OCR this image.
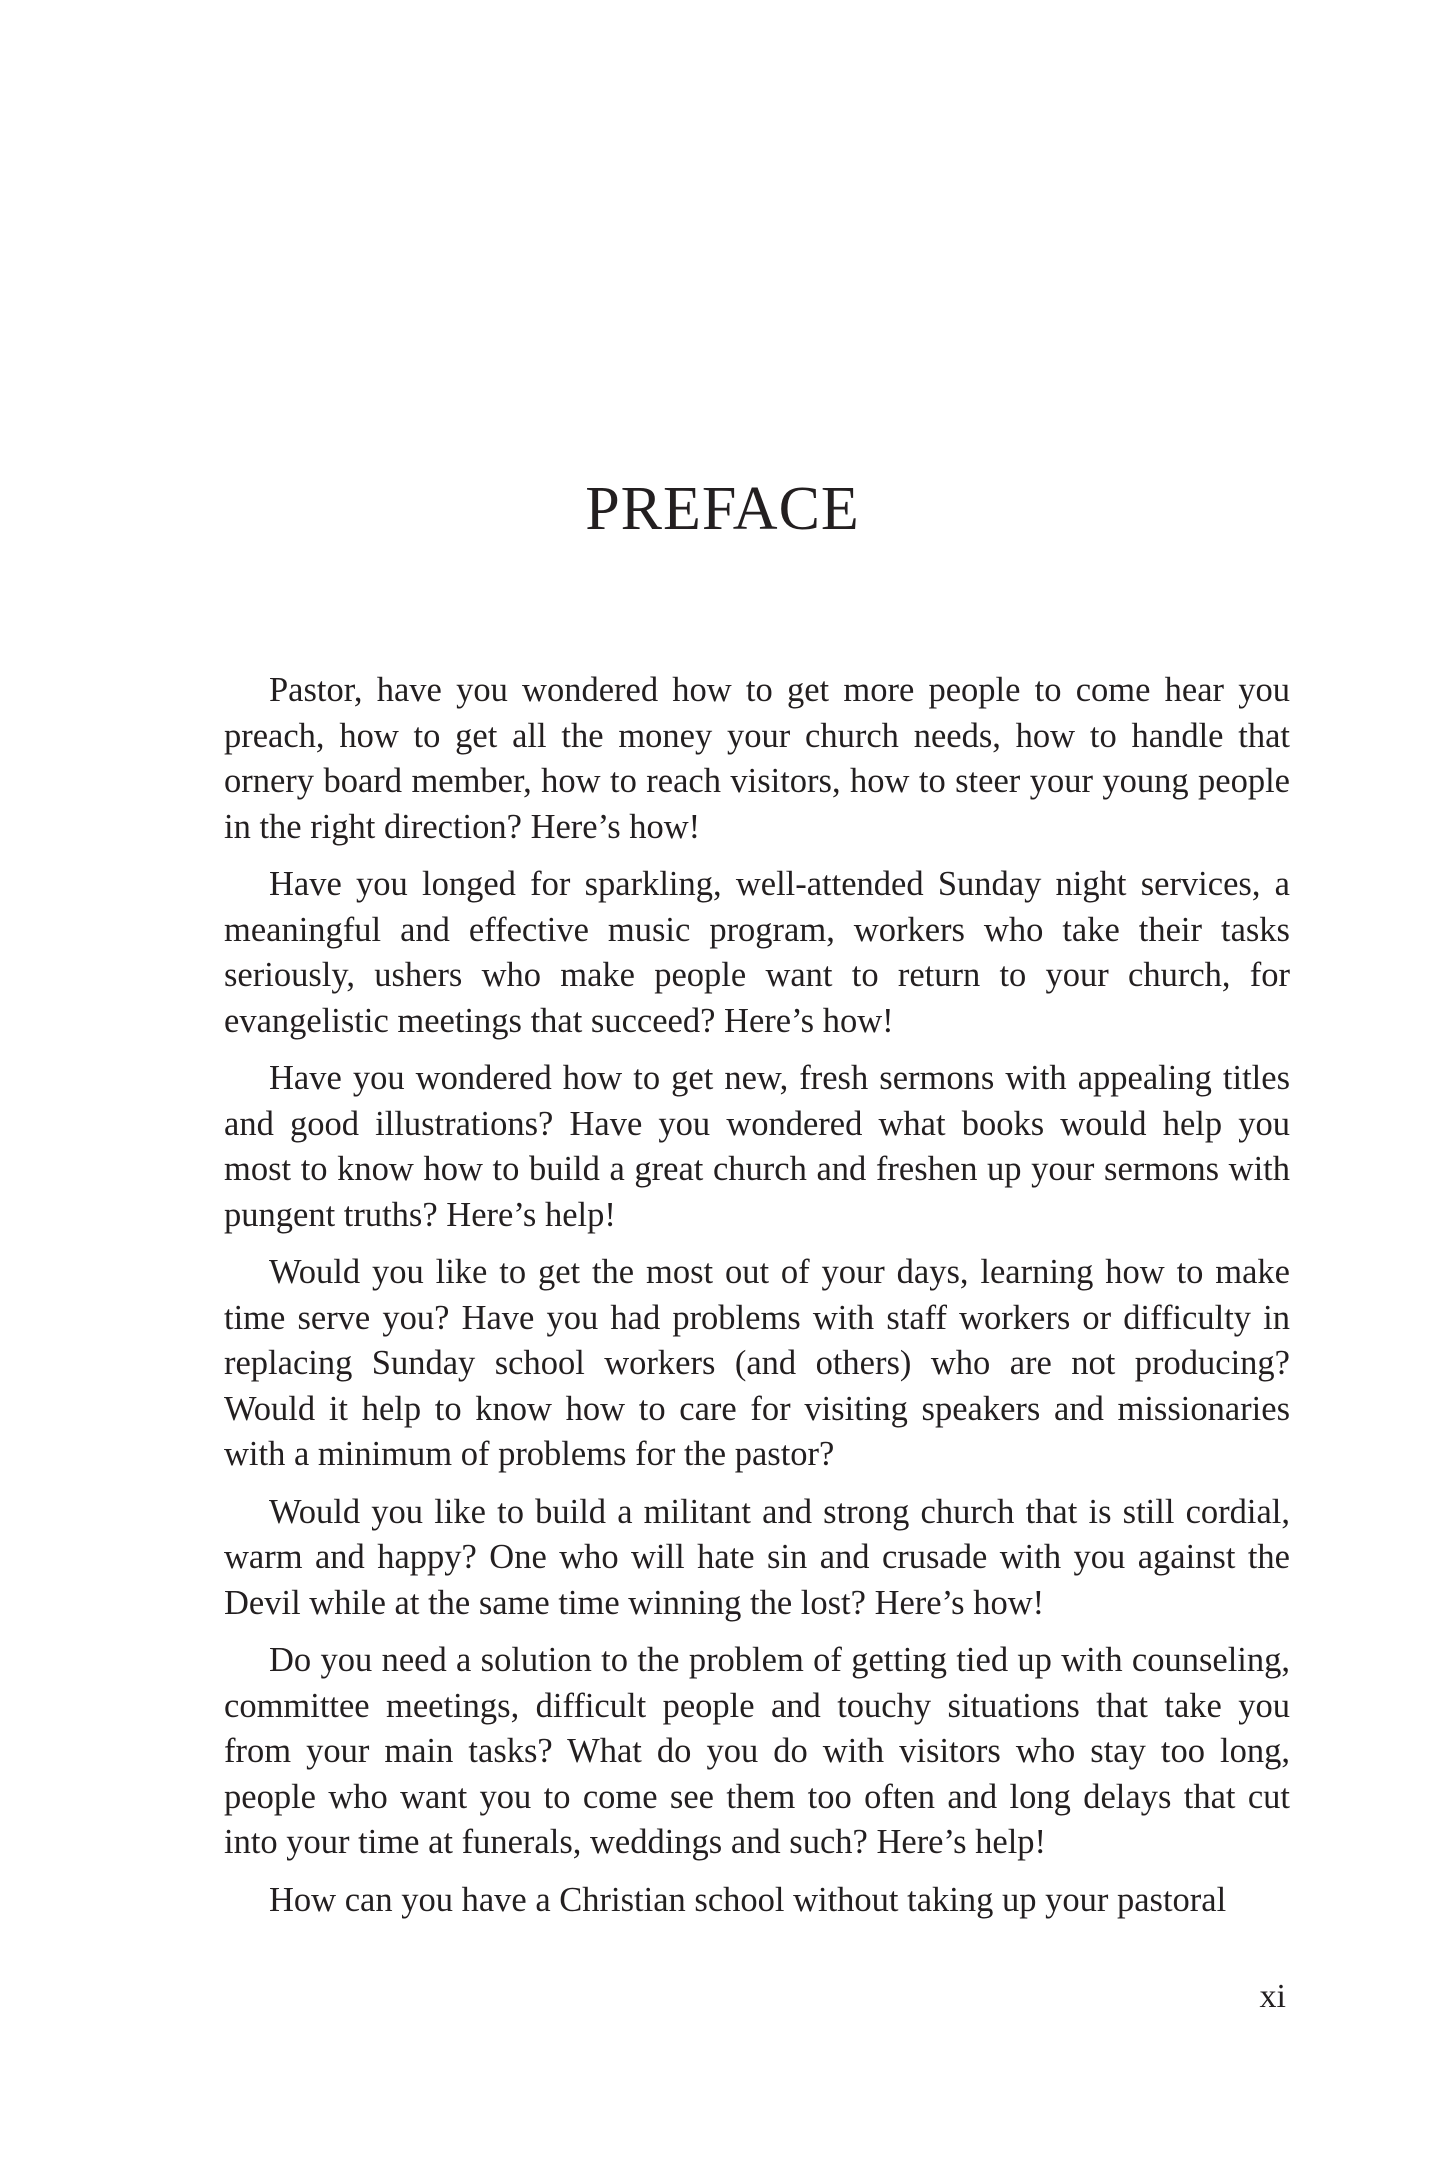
PREFACE

Pastor, have you wondered how to get more people to come hear you preach, how to get all the money your church needs, how to handle that ornery board member, how to reach visitors, how to steer your young people in the right direction? Here’s how!

Have you longed for sparkling, well-attended Sunday night services, a meaningful and effective music program, workers who take their tasks seriously, ushers who make people want to return to your church, for evangelistic meetings that succeed? Here’s how!

Have you wondered how to get new, fresh sermons with appealing titles and good illustrations? Have you wondered what books would help you most to know how to build a great church and freshen up your sermons with pungent truths? Here’s help!

Would you like to get the most out of your days, learning how to make time serve you? Have you had problems with staff workers or difficulty in replacing Sunday school workers (and others) who are not producing? Would it help to know how to care for visiting speakers and missionaries with a minimum of problems for the pastor?

Would you like to build a militant and strong church that is still cordial, warm and happy? One who will hate sin and crusade with you against the Devil while at the same time winning the lost? Here’s how!

Do you need a solution to the problem of getting tied up with counseling, committee meetings, difficult people and touchy situations that take you from your main tasks? What do you do with visitors who stay too long, people who want you to come see them too often and long delays that cut into your time at funerals, weddings and such? Here’s help!

How can you have a Christian school without taking up your pastoral

xi
